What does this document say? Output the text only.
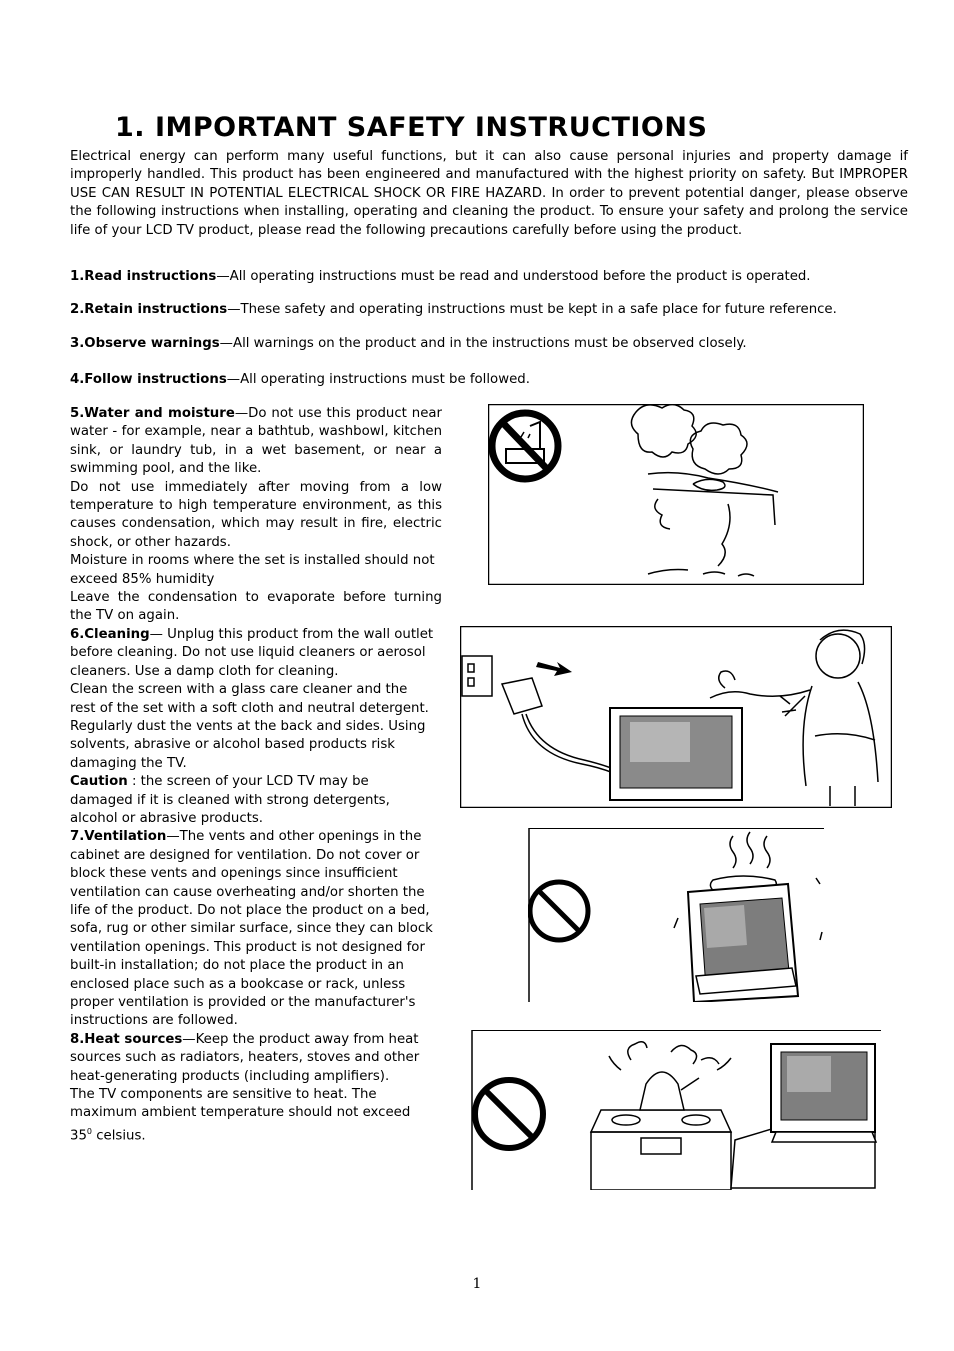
1. IMPORTANT SAFETY INSTRUCTIONS
Electrical energy can perform many useful functions, but it can also cause personal injuries and property damage if improperly handled. This product has been engineered and manufactured with the highest priority on safety. But IMPROPER USE CAN RESULT IN POTENTIAL ELECTRICAL SHOCK OR FIRE HAZARD. In order to prevent potential danger, please observe the following instructions when installing, operating and cleaning the product. To ensure your safety and prolong the service life of your LCD TV product, please read the following precautions carefully before using the product.
1.Read instructions—All operating instructions must be read and understood before the product is operated.
2.Retain instructions—These safety and operating instructions must be kept in a safe place for future reference.
3.Observe warnings—All warnings on the product and in the instructions must be observed closely.
4.Follow instructions—All operating instructions must be followed.

5.Water and moisture—Do not use this product near water - for example, near a bathtub, washbowl, kitchen sink, or laundry tub, in a wet basement, or near a swimming pool, and the like.

Do not use immediately after moving from a low temperature to high temperature environment, as this causes condensation, which may result in fire, electric shock, or other hazards.

Moisture in rooms where the set is installed should not exceed 85% humidity

Leave the condensation to evaporate before turning the TV on again.

6.Cleaning— Unplug this product from the wall outlet before cleaning. Do not use liquid cleaners or aerosol cleaners. Use a damp cloth for cleaning.

Clean the screen with a glass care cleaner and the rest of the set with a soft cloth and neutral detergent.

Regularly dust the vents at the back and sides. Using solvents, abrasive or alcohol based products risk damaging the TV.

Caution : the screen of your LCD TV may be damaged if it is cleaned with strong detergents, alcohol or abrasive products.

7.Ventilation—The vents and other openings in the cabinet are designed for ventilation. Do not cover or block these vents and openings since insufficient ventilation can cause overheating and/or shorten the life of the product. Do not place the product on a bed, sofa, rug or other similar surface, since they can block ventilation openings. This product is not designed for built-in installation; do not place the product in an enclosed place such as a bookcase or rack, unless proper ventilation is provided or the manufacturer's instructions are followed.

8.Heat sources—Keep the product away from heat sources such as radiators, heaters, stoves and other heat-generating products (including amplifiers).

The TV components are sensitive to heat. The maximum ambient temperature should not exceed $35^0$ celsius.

1
